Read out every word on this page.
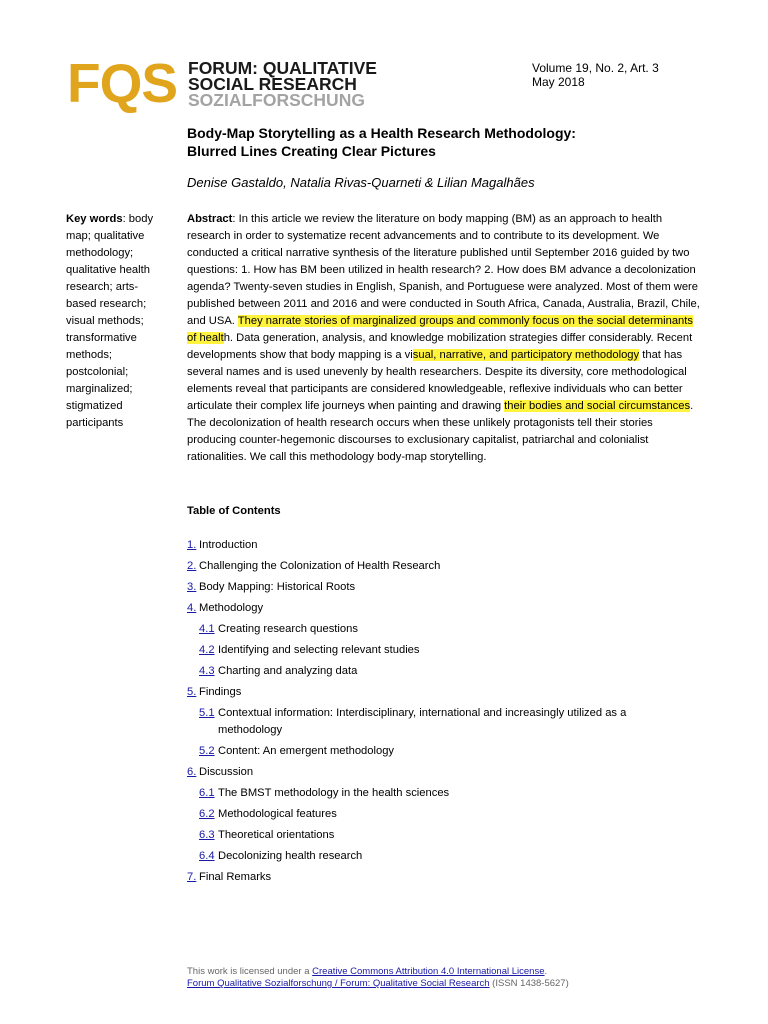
FQS FORUM: QUALITATIVE
SOCIAL RESEARCH
SOZIALFORSCHUNG
Volume 19, No. 2, Art. 3
May 2018
Body-Map Storytelling as a Health Research Methodology:
Blurred Lines Creating Clear Pictures
Denise Gastaldo, Natalia Rivas-Quarneti & Lilian Magalhães
Key words: body map; qualitative methodology; qualitative health research; arts-based research; visual methods; transformative methods; postcolonial; marginalized; stigmatized participants

Abstract: In this article we review the literature on body mapping (BM) as an approach to health research in order to systematize recent advancements and to contribute to its development. We conducted a critical narrative synthesis of the literature published until September 2016 guided by two questions: 1. How has BM been utilized in health research? 2. How does BM advance a decolonization agenda? Twenty-seven studies in English, Spanish, and Portuguese were analyzed. Most of them were published between 2011 and 2016 and were conducted in South Africa, Canada, Australia, Brazil, Chile, and USA. They narrate stories of marginalized groups and commonly focus on the social determinants of health. Data generation, analysis, and knowledge mobilization strategies differ considerably. Recent developments show that body mapping is a visual, narrative, and participatory methodology that has several names and is used unevenly by health researchers. Despite its diversity, core methodological elements reveal that participants are considered knowledgeable, reflexive individuals who can better articulate their complex life journeys when painting and drawing their bodies and social circumstances. The decolonization of health research occurs when these unlikely protagonists tell their stories producing counter-hegemonic discourses to exclusionary capitalist, patriarchal and colonialist rationalities. We call this methodology body-map storytelling.

Table of Contents
1. Introduction
2. Challenging the Colonization of Health Research
3. Body Mapping: Historical Roots
4. Methodology
4.1 Creating research questions
4.2 Identifying and selecting relevant studies
4.3 Charting and analyzing data
5. Findings
5.1 Contextual information: Interdisciplinary, international and increasingly utilized as a methodology
5.2 Content: An emergent methodology
6. Discussion
6.1 The BMST methodology in the health sciences
6.2 Methodological features
6.3 Theoretical orientations
6.4 Decolonizing health research
7. Final Remarks
This work is licensed under a Creative Commons Attribution 4.0 International License.
Forum Qualitative Sozialforschung / Forum: Qualitative Social Research (ISSN 1438-5627)
